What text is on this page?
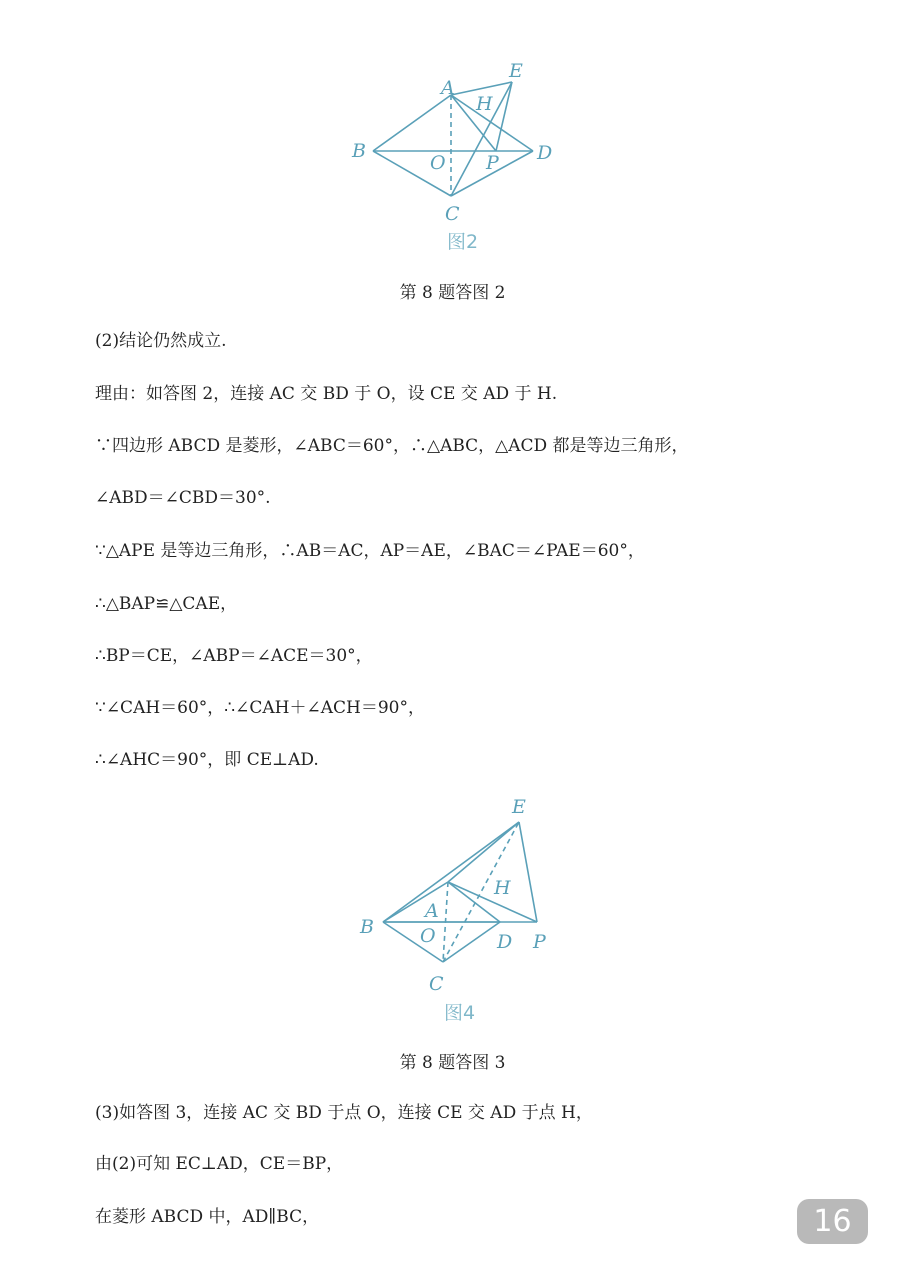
A
B
C
D
E
H
O P
图2
第 8 题答图 2
(2)结论仍然成立.
理由：如答图 2，连接 AC 交 BD 于 O，设 CE 交 AD 于 H.
∵四边形 ABCD 是菱形，∠ABC＝60°，∴△ABC，△ACD 都是等边三角形，
∠ABD＝∠CBD＝30°.
∵△APE 是等边三角形，∴AB＝AC，AP＝AE，∠BAC＝∠PAE＝60°，
∴△BAP≌△CAE，
∴BP＝CE，∠ABP＝∠ACE＝30°，
∵∠CAH＝60°，∴∠CAH＋∠ACH＝90°，
∴∠AHC＝90°，即 CE⊥AD.
A
B
C
D
E
H
O	P
图4
第 8 题答图 3
(3)如答图 3，连接 AC 交 BD 于点 O，连接 CE 交 AD 于点 H，
由(2)可知 EC⊥AD，CE＝BP，
在菱形 ABCD 中，AD∥BC，	16
